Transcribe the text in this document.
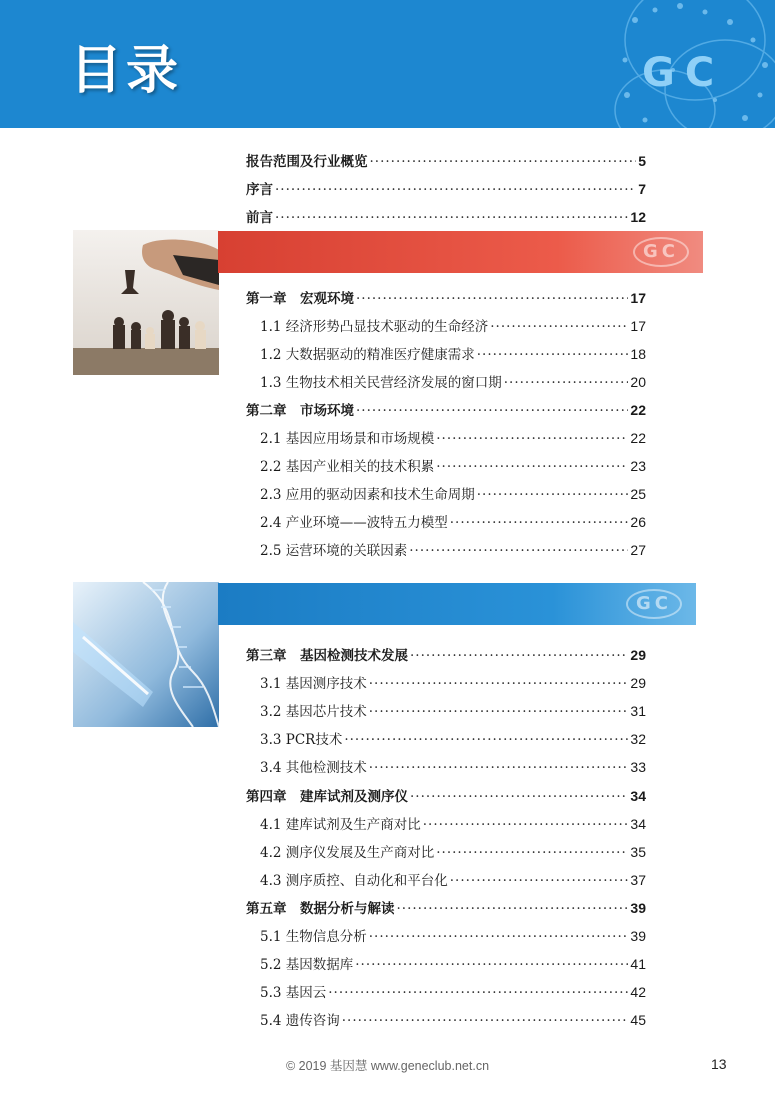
目录	GC
报告范围及行业概览 ·····	5
序言 ·····	7
前言 ·····	12

GC

第一章　宏观环境 ·····	17
1.1 经济形势凸显技术驱动的生命经济 ·····	17
1.2 大数据驱动的精准医疗健康需求 ·····	18
1.3 生物技术相关民营经济发展的窗口期 ·····	20
第二章　市场环境 ·····	22
2.1 基因应用场景和市场规模 ·····	22
2.2 基因产业相关的技术积累 ·····	23
2.3 应用的驱动因素和技术生命周期 ·····	25
2.4 产业环境——波特五力模型 ·····	26
2.5 运营环境的关联因素 ·····	27

GC

第三章　基因检测技术发展 ·····	29
3.1 基因测序技术 ·····	29
3.2 基因芯片技术 ·····	31
3.3 PCR技术 ·····	32
3.4 其他检测技术 ·····	33
第四章　建库试剂及测序仪 ·····	34
4.1 建库试剂及生产商对比 ·····	34
4.2 测序仪发展及生产商对比 ·····	35
4.3 测序质控、自动化和平台化 ·····	37
第五章　数据分析与解读 ·····	39
5.1 生物信息分析 ·····	39
5.2 基因数据库 ·····	41
5.3 基因云 ·····	42
5.4 遗传咨询 ·····	45
© 2019 基因慧 www.geneclub.net.cn	13
